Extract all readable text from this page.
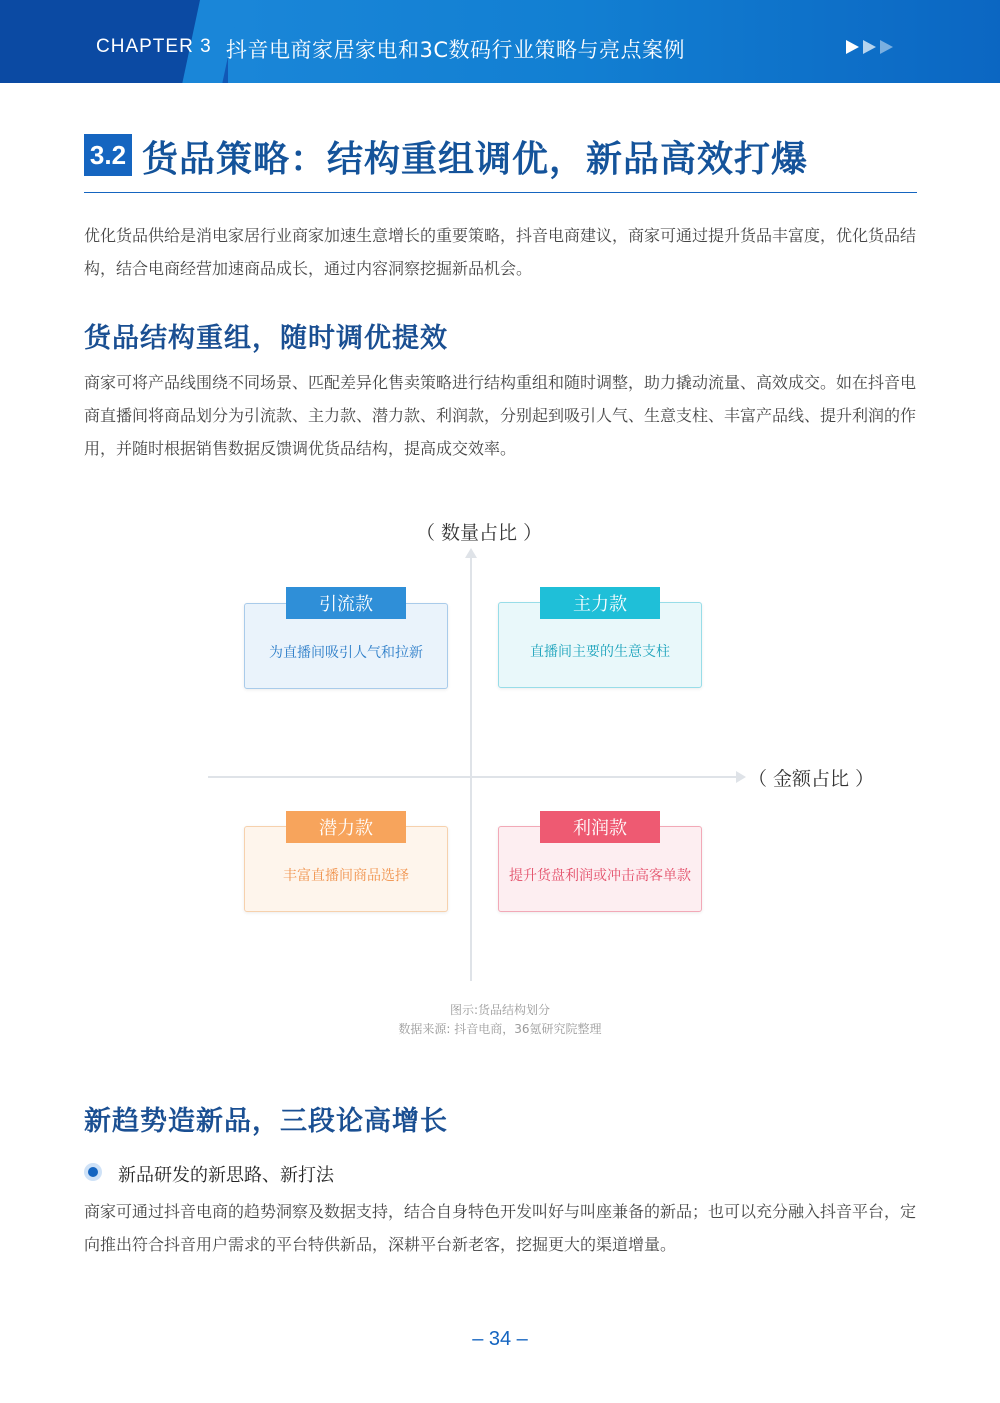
CHAPTER 3 抖音电商家居家电和3C数码行业策略与亮点案例
3.2 货品策略：结构重组调优，新品高效打爆
优化货品供给是消电家居行业商家加速生意增长的重要策略，抖音电商建议，商家可通过提升货品丰富度，优化货品结构，结合电商经营加速商品成长，通过内容洞察挖掘新品机会。
货品结构重组，随时调优提效
商家可将产品线围绕不同场景、匹配差异化售卖策略进行结构重组和随时调整，助力撬动流量、高效成交。如在抖音电商直播间将商品划分为引流款、主力款、潜力款、利润款，分别起到吸引人气、生意支柱、丰富产品线、提升利润的作用，并随时根据销售数据反馈调优货品结构，提高成交效率。
（ 数量占比 ）
（ 金额占比 ）
为直播间吸引人气和拉新
引流款
直播间主要的生意支柱
主力款
丰富直播间商品选择
潜力款
提升货盘利润或冲击高客单款
利润款
图示:货品结构划分
数据来源: 抖音电商，36氪研究院整理
新趋势造新品，三段论高增长
新品研发的新思路、新打法
商家可通过抖音电商的趋势洞察及数据支持，结合自身特色开发叫好与叫座兼备的新品；也可以充分融入抖音平台，定向推出符合抖音用户需求的平台特供新品，深耕平台新老客，挖掘更大的渠道增量。
– 34 –
